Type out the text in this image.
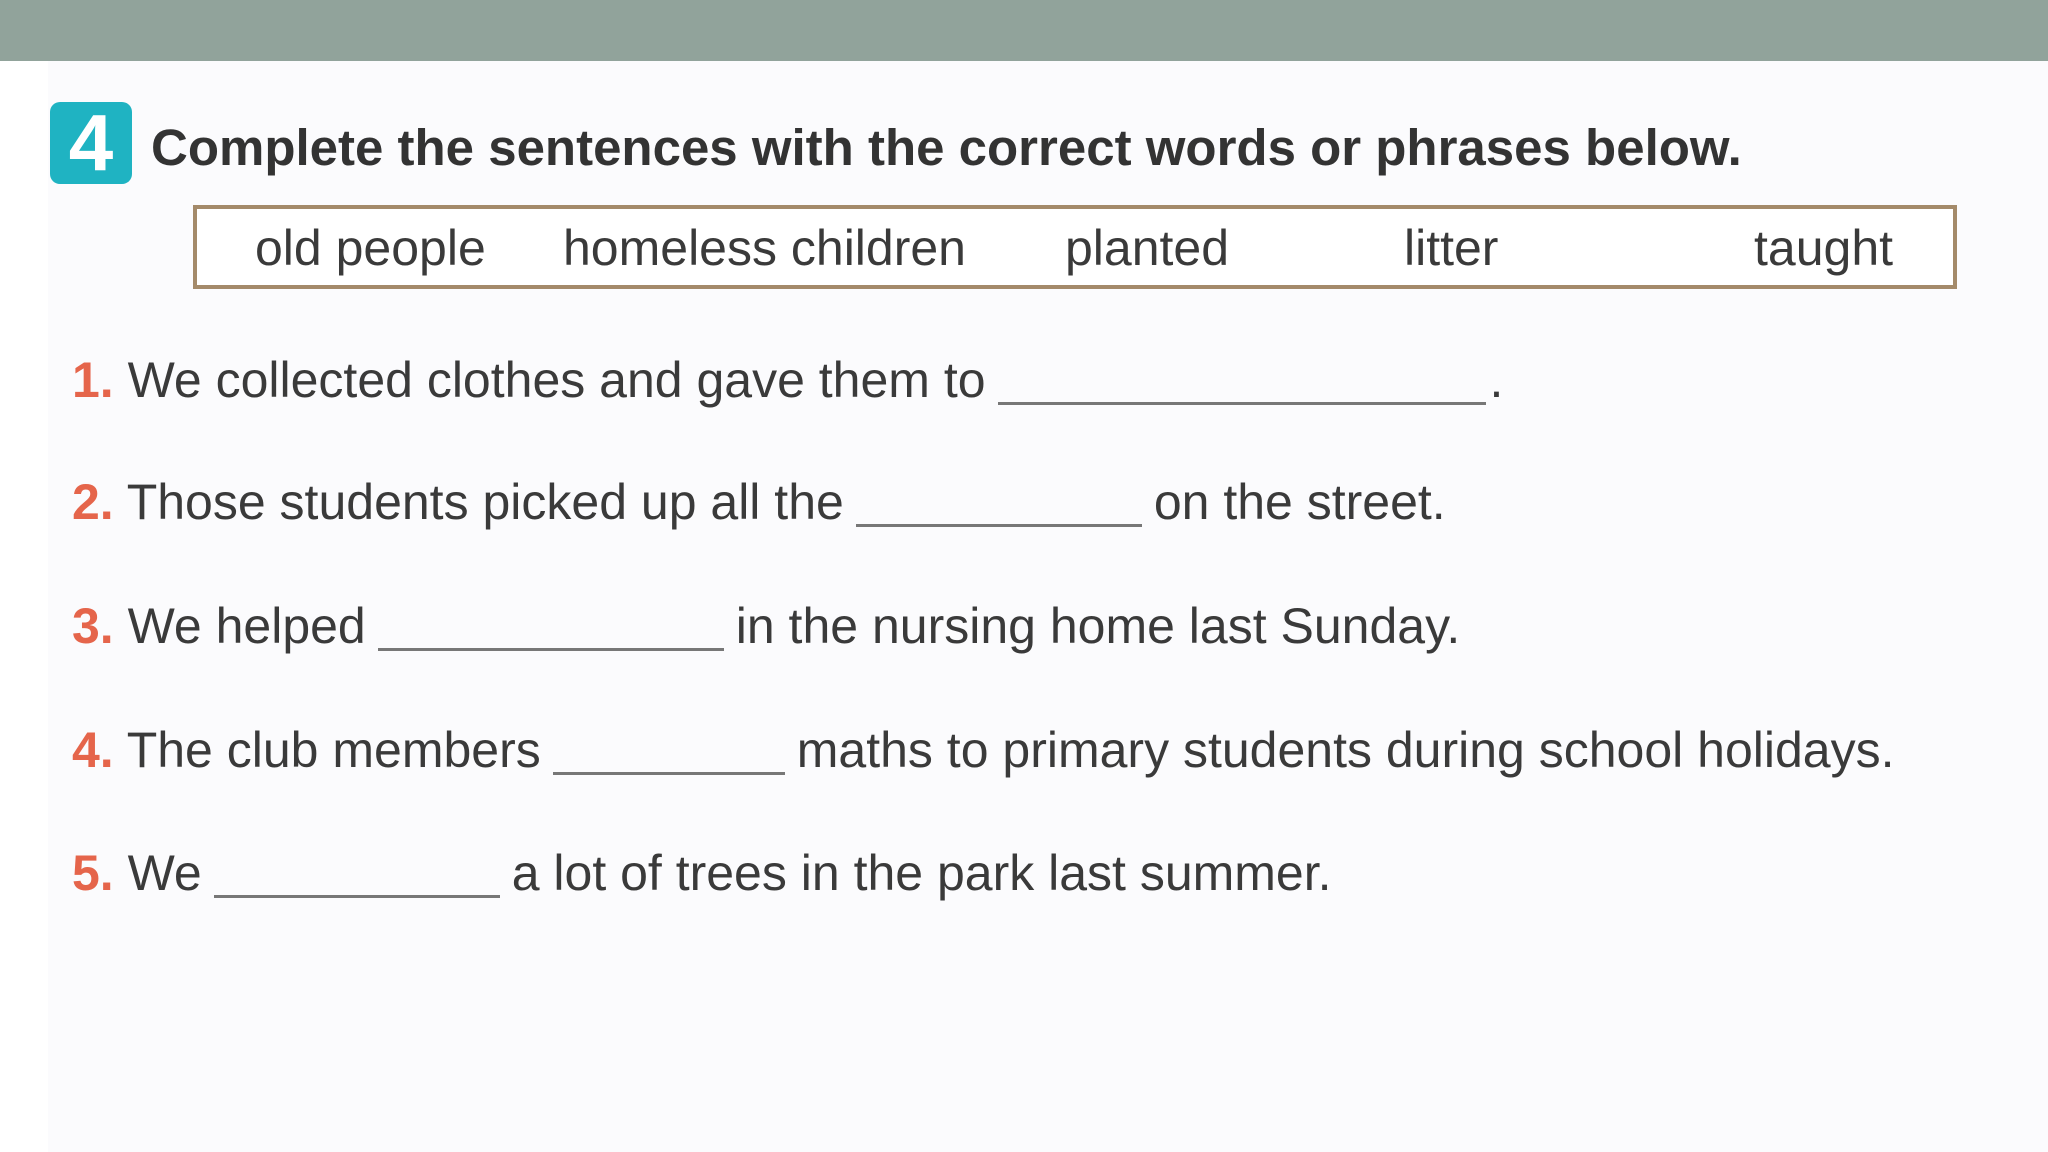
4 Complete the sentences with the correct words or phrases below.
old people homeless children planted	litter	taught
1. We collected clothes and gave them to	.
2. Those students picked up all the	on the street.
3. We helped	in the nursing home last Sunday.
4. The club members	maths to primary students during school holidays.
5. We	a lot of trees in the park last summer.
